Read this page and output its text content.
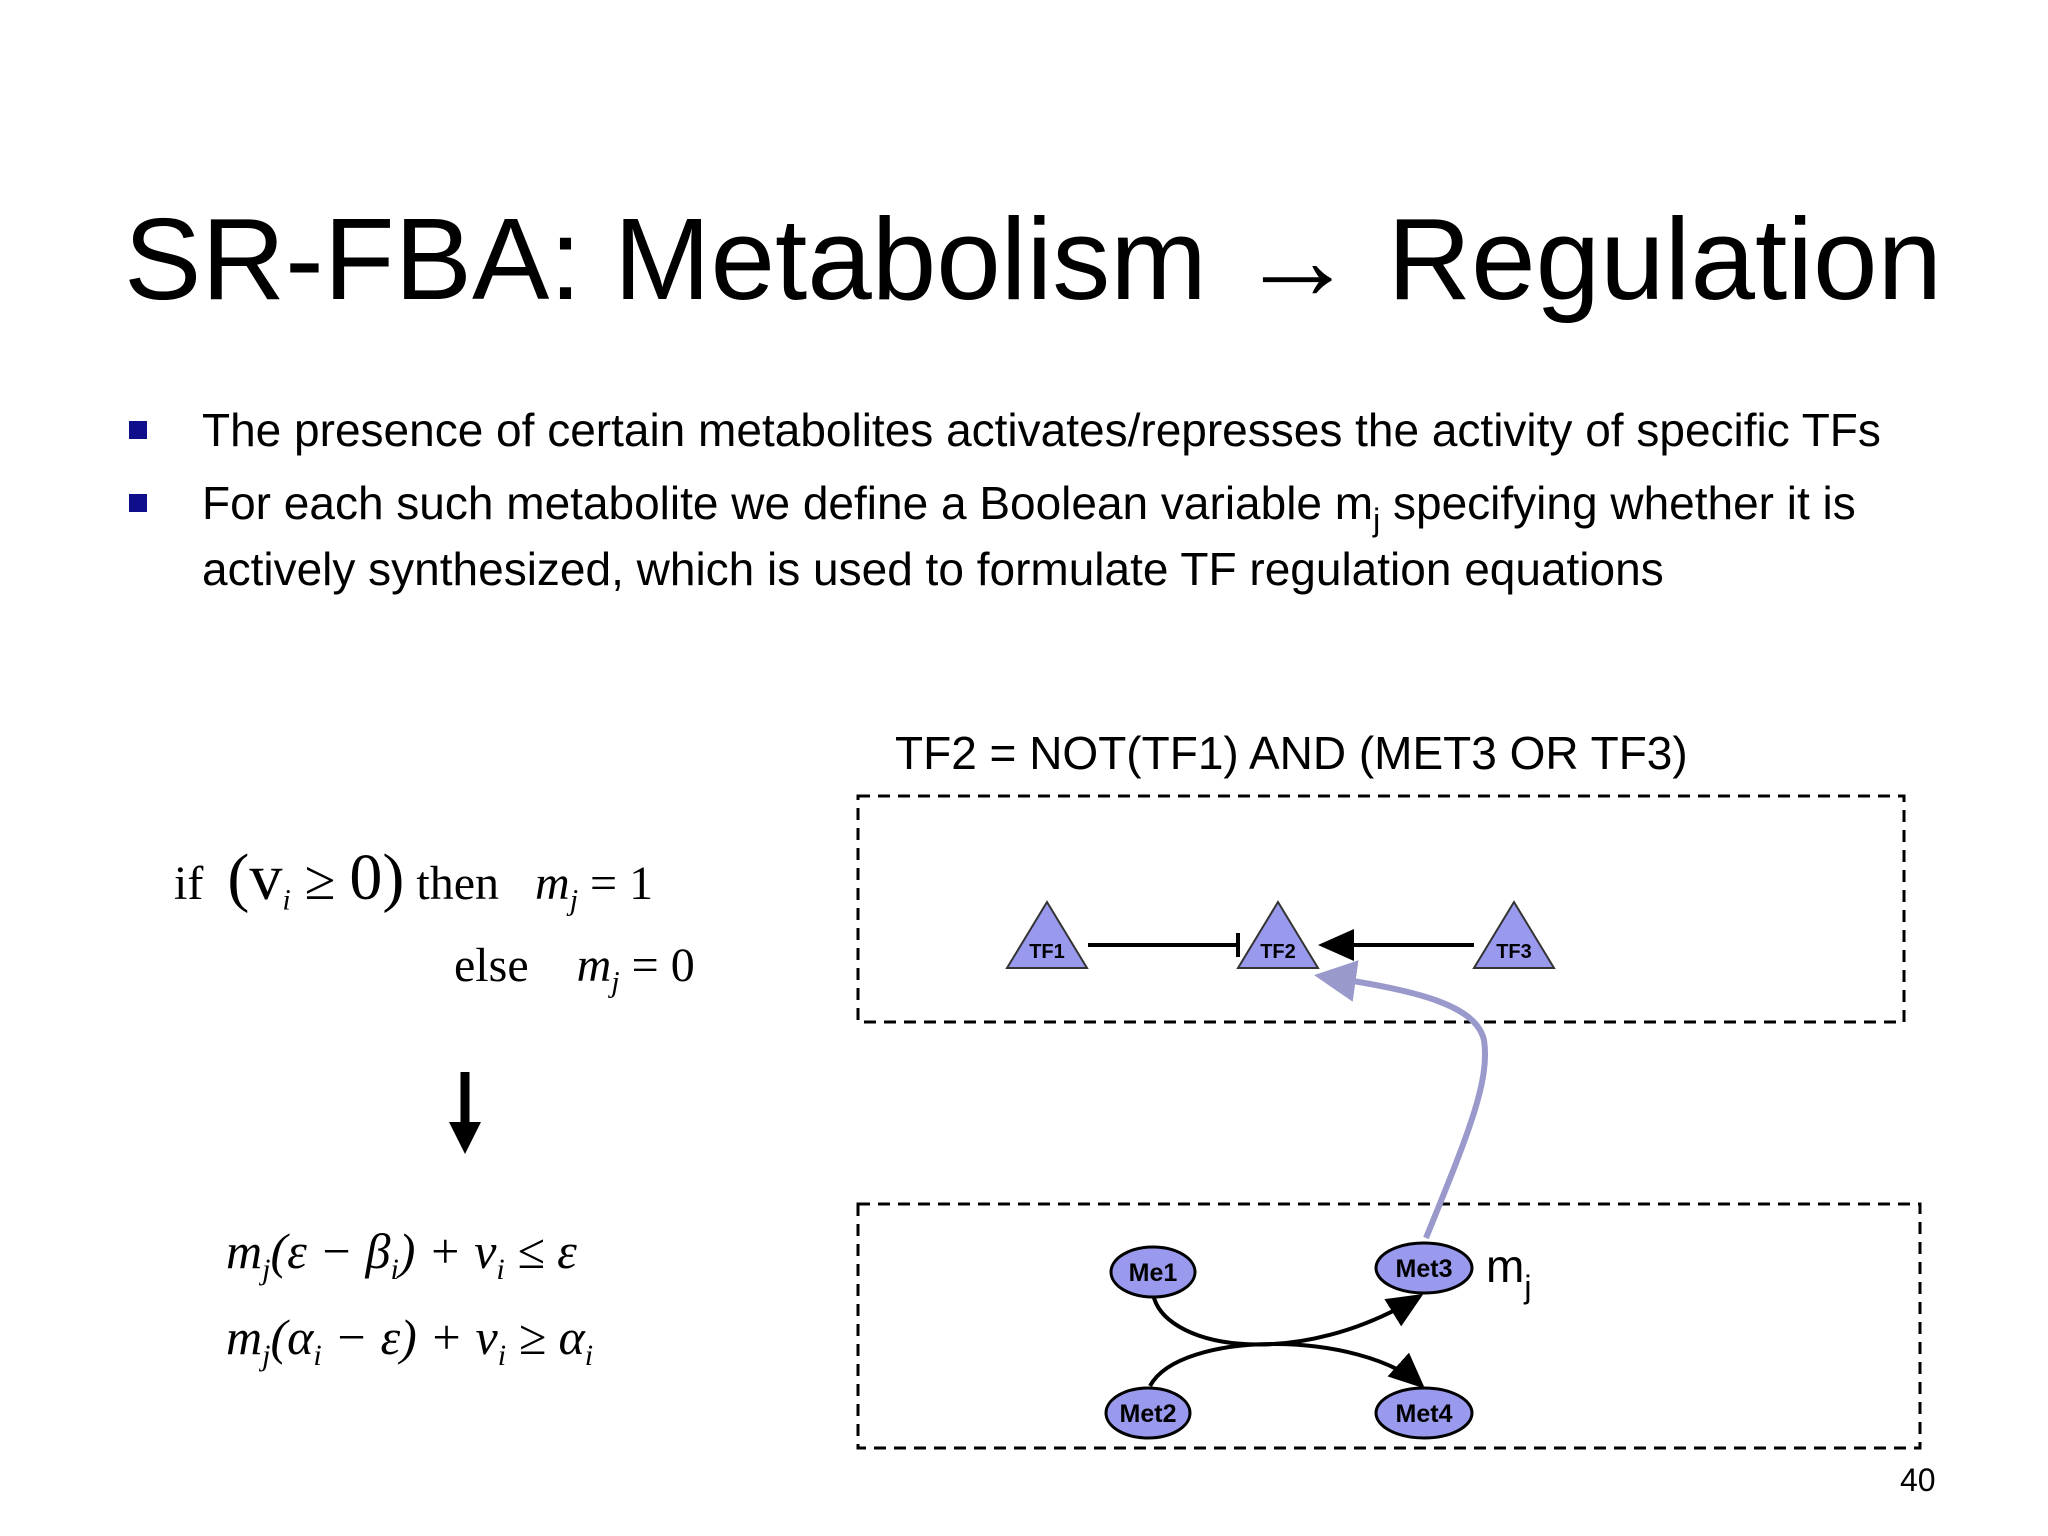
SR-FBA: Metabolism → Regulation
The presence of certain metabolites activates/represses the activity of specific TFs
For each such metabolite we define a Boolean variable $m_j$ specifying whether it is actively synthesized, which is used to formulate TF regulation equations
if $(v_i \ge 0)$ then $m_j = 1$
else $m_j = 0$
$m_j(\varepsilon - \beta_i) + v_i \le \varepsilon$
$m_j(\alpha_i - \varepsilon) + v_i \ge \alpha_i$
TF2 = NOT(TF1) AND (MET3 OR TF3)
TF1	TF2	TF3
Me1	Met3
Met2	Met4
$m_j$
40
